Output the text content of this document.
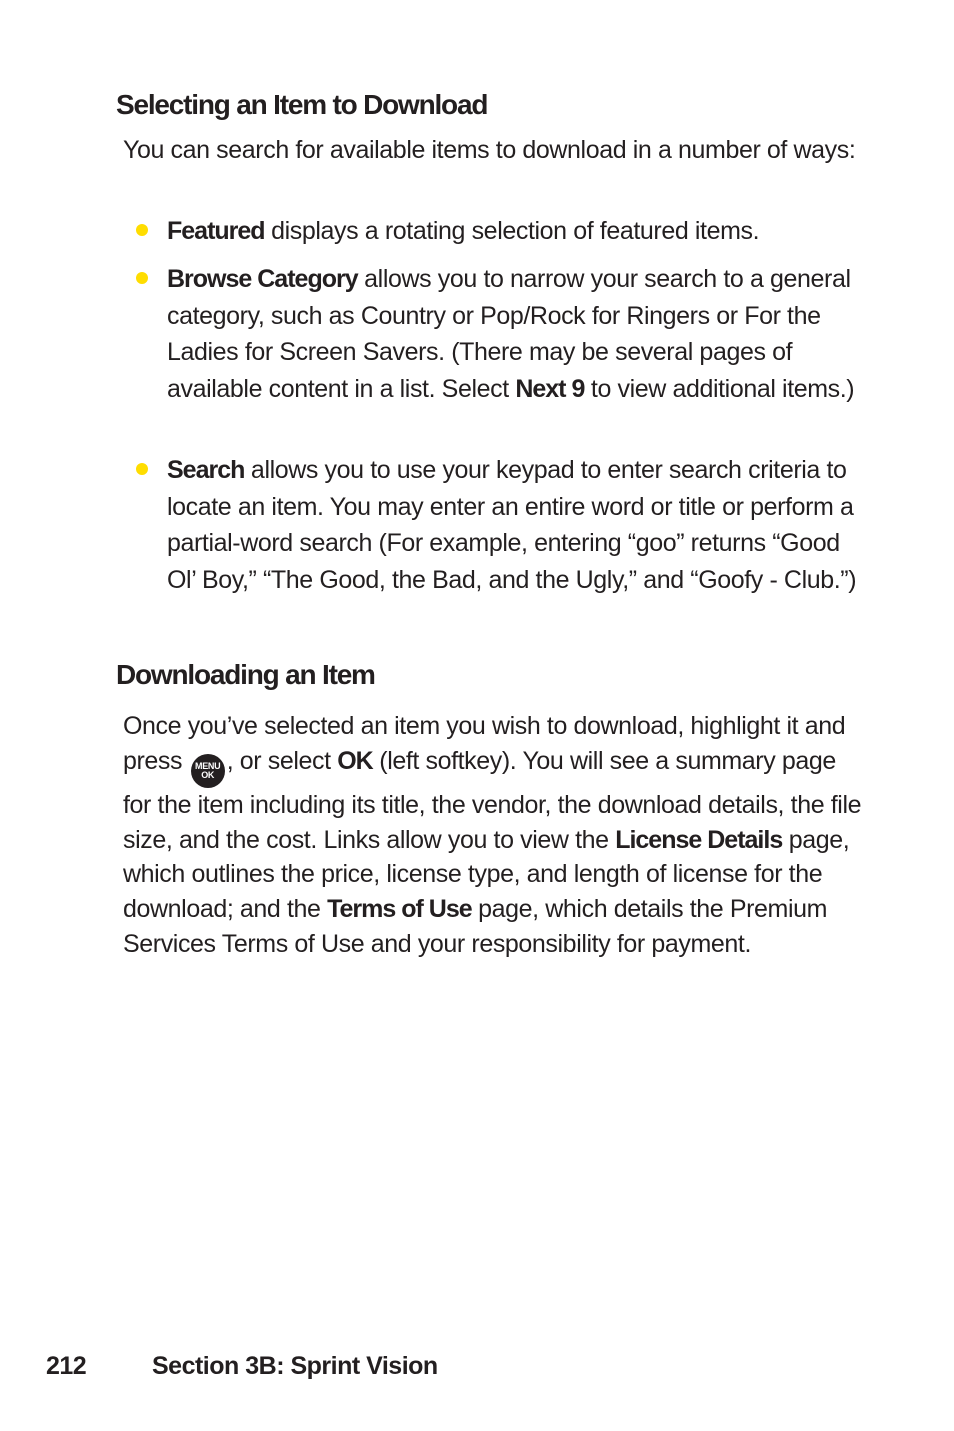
Selecting an Item to Download

You can search for available items to download in a number of ways:

Featured displays a rotating selection of featured items.
Browse Category allows you to narrow your search to a general category, such as Country or Pop/Rock for Ringers or For the Ladies for Screen Savers. (There may be several pages of available content in a list. Select Next 9 to view additional items.)
Search allows you to use your keypad to enter search criteria to locate an item. You may enter an entire word or title or perform a partial-word search (For example, entering “goo” returns “Good Ol’ Boy,” “The Good, the Bad, and the Ugly,” and “Goofy - Club.”)
Downloading an Item

Once you’ve selected an item you wish to download, highlight it and press MENU
OK , or select OK (left softkey). You will see a summary page for the item including its title, the vendor, the download details, the file size, and the cost. Links allow you to view the License Details page, which outlines the price, license type, and length of license for the download; and the Terms of Use page, which details the Premium Services Terms of Use and your responsibility for payment.

212	Section 3B: Sprint Vision
